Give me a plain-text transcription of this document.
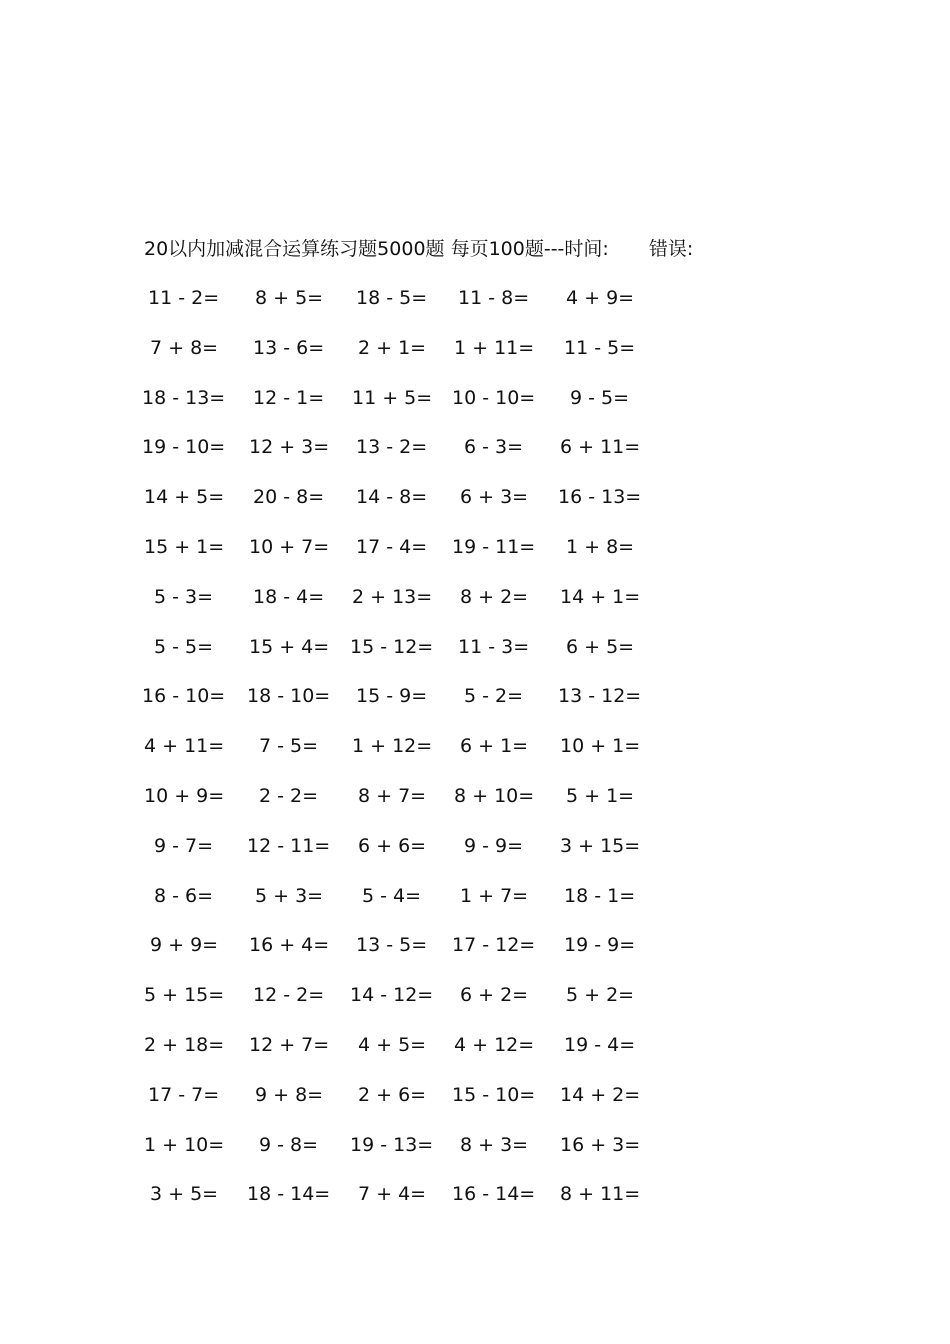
20以内加减混合运算练习题5000题 每页100题---时间: 错误:
11 - 2= 8 + 5= 18 - 5= 11 - 8= 4 + 9=
7 + 8= 13 - 6= 2 + 1= 1 + 11= 11 - 5=
18 - 13= 12 - 1= 11 + 5= 10 - 10= 9 - 5=
19 - 10= 12 + 3= 13 - 2= 6 - 3= 6 + 11=
14 + 5= 20 - 8= 14 - 8= 6 + 3= 16 - 13=
15 + 1= 10 + 7= 17 - 4= 19 - 11= 1 + 8=
5 - 3= 18 - 4= 2 + 13= 8 + 2= 14 + 1=
5 - 5= 15 + 4= 15 - 12= 11 - 3= 6 + 5=
16 - 10= 18 - 10= 15 - 9= 5 - 2= 13 - 12=
4 + 11= 7 - 5= 1 + 12= 6 + 1= 10 + 1=
10 + 9= 2 - 2= 8 + 7= 8 + 10= 5 + 1=
9 - 7= 12 - 11= 6 + 6= 9 - 9= 3 + 15=
8 - 6= 5 + 3= 5 - 4= 1 + 7= 18 - 1=
9 + 9= 16 + 4= 13 - 5= 17 - 12= 19 - 9=
5 + 15= 12 - 2= 14 - 12= 6 + 2= 5 + 2=
2 + 18= 12 + 7= 4 + 5= 4 + 12= 19 - 4=
17 - 7= 9 + 8= 2 + 6= 15 - 10= 14 + 2=
1 + 10= 9 - 8= 19 - 13= 8 + 3= 16 + 3=
3 + 5= 18 - 14= 7 + 4= 16 - 14= 8 + 11=
